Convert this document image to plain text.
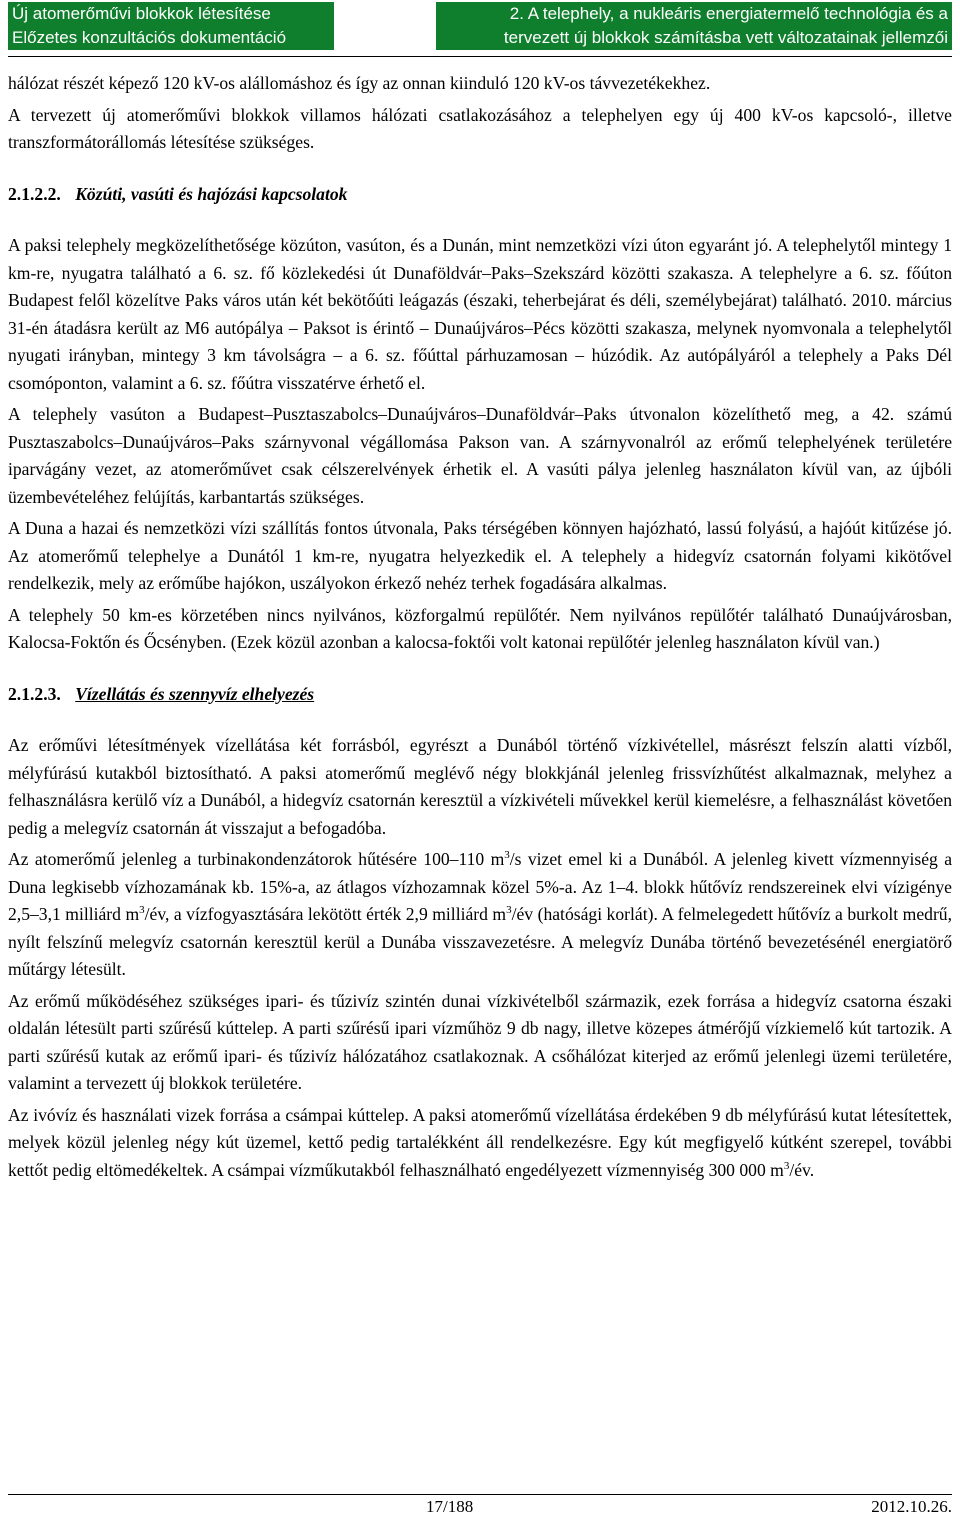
Új atomerőművi blokkok létesítése
Előzetes konzultációs dokumentáció
2. A telephely, a nukleáris energiatermelő technológia és a
tervezett új blokkok számításba vett változatainak jellemzői

hálózat részét képező 120 kV-os alállomáshoz és így az onnan kiinduló 120 kV-os távvezetékekhez.

A tervezett új atomerőművi blokkok villamos hálózati csatlakozásához a telephelyen egy új 400 kV-os kapcsoló-, illetve transzformátorállomás létesítése szükséges.

2.1.2.2. Közúti, vasúti és hajózási kapcsolatok

A paksi telephely megközelíthetősége közúton, vasúton, és a Dunán, mint nemzetközi vízi úton egyaránt jó. A telephelytől mintegy 1 km-re, nyugatra található a 6. sz. fő közlekedési út Dunaföldvár–Paks–Szekszárd közötti szakasza. A telephelyre a 6. sz. főúton Budapest felől közelítve Paks város után két bekötőúti leágazás (északi, teherbejárat és déli, személybejárat) található. 2010. március 31-én átadásra került az M6 autópálya – Paksot is érintő – Dunaújváros–Pécs közötti szakasza, melynek nyomvonala a telephelytől nyugati irányban, mintegy 3 km távolságra – a 6. sz. főúttal párhuzamosan – húzódik. Az autópályáról a telephely a Paks Dél csomóponton, valamint a 6. sz. főútra visszatérve érhető el.

A telephely vasúton a Budapest–Pusztaszabolcs–Dunaújváros–Dunaföldvár–Paks útvonalon közelíthető meg, a 42. számú Pusztaszabolcs–Dunaújváros–Paks szárnyvonal végállomása Pakson van. A szárnyvonalról az erőmű telephelyének területére iparvágány vezet, az atomerőművet csak célszerelvények érhetik el. A vasúti pálya jelenleg használaton kívül van, az újbóli üzembevételéhez felújítás, karbantartás szükséges.

A Duna a hazai és nemzetközi vízi szállítás fontos útvonala, Paks térségében könnyen hajózható, lassú folyású, a hajóút kitűzése jó. Az atomerőmű telephelye a Dunától 1 km-re, nyugatra helyezkedik el. A telephely a hidegvíz csatornán folyami kikötővel rendelkezik, mely az erőműbe hajókon, uszályokon érkező nehéz terhek fogadására alkalmas.

A telephely 50 km-es körzetében nincs nyilvános, közforgalmú repülőtér. Nem nyilvános repülőtér található Dunaújvárosban, Kalocsa-Foktőn és Őcsényben. (Ezek közül azonban a kalocsa-foktői volt katonai repülőtér jelenleg használaton kívül van.)

2.1.2.3. Vízellátás és szennyvíz elhelyezés

Az erőművi létesítmények vízellátása két forrásból, egyrészt a Dunából történő vízkivétellel, másrészt felszín alatti vízből, mélyfúrású kutakból biztosítható. A paksi atomerőmű meglévő négy blokkjánál jelenleg frissvízhűtést alkalmaznak, melyhez a felhasználásra kerülő víz a Dunából, a hidegvíz csatornán keresztül a vízkivételi művekkel kerül kiemelésre, a felhasználást követően pedig a melegvíz csatornán át visszajut a befogadóba.

Az atomerőmű jelenleg a turbinakondenzátorok hűtésére 100–110 $m^3/s$ vizet emel ki a Dunából. A jelenleg kivett vízmennyiség a Duna legkisebb vízhozamának kb. 15%-a, az átlagos vízhozamnak közel 5%-a. Az 1–4. blokk hűtővíz rendszereinek elvi vízigénye 2,5–3,1 milliárd $m^3/év$, a vízfogyasztására lekötött érték 2,9 milliárd $m^3/év$ (hatósági korlát). A felmelegedett hűtővíz a burkolt medrű, nyílt felszínű melegvíz csatornán keresztül kerül a Dunába visszavezetésre. A melegvíz Dunába történő bevezetésénél energiatörő műtárgy létesült.

Az erőmű működéséhez szükséges ipari- és tűzivíz szintén dunai vízkivételből származik, ezek forrása a hidegvíz csatorna északi oldalán létesült parti szűrésű kúttelep. A parti szűrésű ipari vízműhöz 9 db nagy, illetve közepes átmérőjű vízkiemelő kút tartozik. A parti szűrésű kutak az erőmű ipari- és tűzivíz hálózatához csatlakoznak. A csőhálózat kiterjed az erőmű jelenlegi üzemi területére, valamint a tervezett új blokkok területére.

Az ivóvíz és használati vizek forrása a csámpai kúttelep. A paksi atomerőmű vízellátása érdekében 9 db mélyfúrású kutat létesítettek, melyek közül jelenleg négy kút üzemel, kettő pedig tartalékként áll rendelkezésre. Egy kút megfigyelő kútként szerepel, további kettőt pedig eltömedékeltek. A csámpai vízműkutakból felhasználható engedélyezett vízmennyiség 300 000 $m^3/év$.

17/188	2012.10.26.
